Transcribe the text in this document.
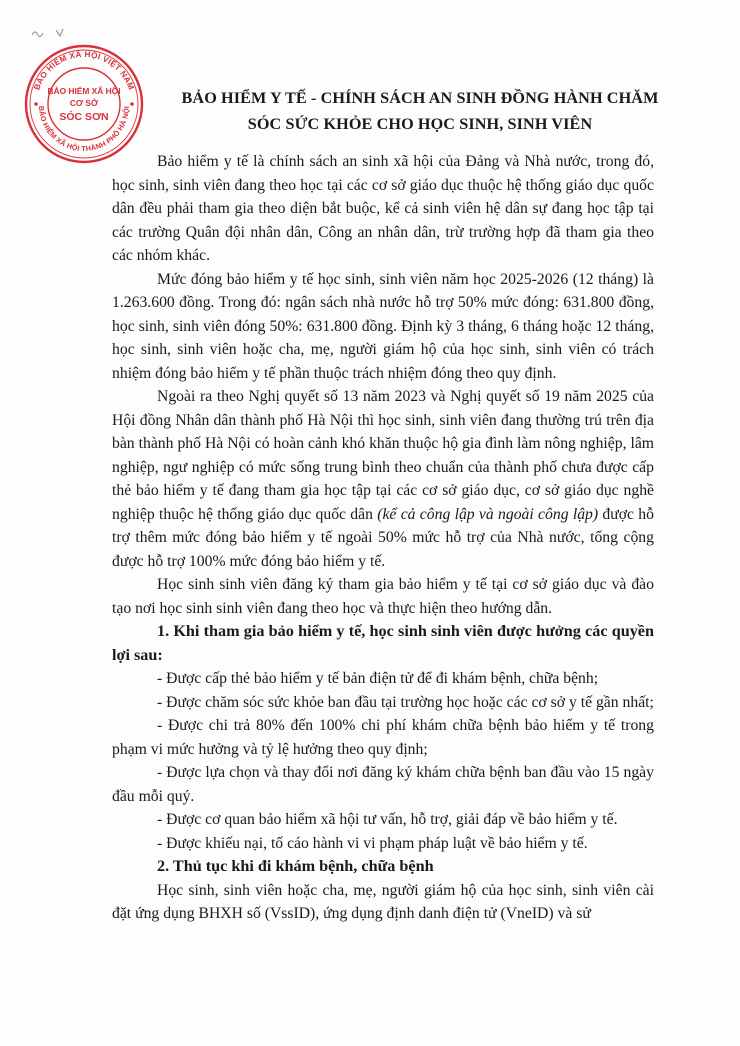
BẢO HIỂM XÃ HỘI VIỆT NAM
BẢO HIỂM XÃ HỘI THÀNH PHỐ HÀ NỘI
BẢO HIỂM XÃ HỘI
CƠ SỞ
SÓC SƠN
BẢO HIỂM Y TẾ - CHÍNH SÁCH AN SINH ĐỒNG HÀNH CHĂM
SÓC SỨC KHỎE CHO HỌC SINH, SINH VIÊN

Bảo hiểm y tế là chính sách an sinh xã hội của Đảng và Nhà nước, trong đó, học sinh, sinh viên đang theo học tại các cơ sở giáo dục thuộc hệ thống giáo dục quốc dân đều phải tham gia theo diện bắt buộc, kể cả sinh viên hệ dân sự đang học tập tại các trường Quân đội nhân dân, Công an nhân dân, trừ trường hợp đã tham gia theo các nhóm khác.

Mức đóng bảo hiểm y tế học sinh, sinh viên năm học 2025-2026 (12 tháng) là 1.263.600 đồng. Trong đó: ngân sách nhà nước hỗ trợ 50% mức đóng: 631.800 đồng, học sinh, sinh viên đóng 50%: 631.800 đồng. Định kỳ 3 tháng, 6 tháng hoặc 12 tháng, học sinh, sinh viên hoặc cha, mẹ, người giám hộ của học sinh, sinh viên có trách nhiệm đóng bảo hiểm y tế phần thuộc trách nhiệm đóng theo quy định.

Ngoài ra theo Nghị quyết số 13 năm 2023 và Nghị quyết số 19 năm 2025 của Hội đồng Nhân dân thành phố Hà Nội thì học sinh, sinh viên đang thường trú trên địa bàn thành phố Hà Nội có hoàn cảnh khó khăn thuộc hộ gia đình làm nông nghiệp, lâm nghiệp, ngư nghiệp có mức sống trung bình theo chuẩn của thành phố chưa được cấp thẻ bảo hiểm y tế đang tham gia học tập tại các cơ sở giáo dục, cơ sở giáo dục nghề nghiệp thuộc hệ thống giáo dục quốc dân (kể cả công lập và ngoài công lập) được hỗ trợ thêm mức đóng bảo hiểm y tế ngoài 50% mức hỗ trợ của Nhà nước, tổng cộng được hỗ trợ 100% mức đóng bảo hiểm y tế.

Học sinh sinh viên đăng ký tham gia bảo hiểm y tế tại cơ sở giáo dục và đào tạo nơi học sinh sinh viên đang theo học và thực hiện theo hướng dẫn.

1. Khi tham gia bảo hiểm y tế, học sinh sinh viên được hưởng các quyền lợi sau:

- Được cấp thẻ bảo hiểm y tế bản điện tử để đi khám bệnh, chữa bệnh;

- Được chăm sóc sức khỏe ban đầu tại trường học hoặc các cơ sở y tế gần nhất;

- Được chi trả 80% đến 100% chi phí khám chữa bệnh bảo hiểm y tế trong phạm vi mức hưởng và tỷ lệ hưởng theo quy định;

- Được lựa chọn và thay đổi nơi đăng ký khám chữa bệnh ban đầu vào 15 ngày đầu mỗi quý.

- Được cơ quan bảo hiểm xã hội tư vấn, hỗ trợ, giải đáp về bảo hiểm y tế.

- Được khiếu nại, tố cáo hành vi vi phạm pháp luật về bảo hiểm y tế.

2. Thủ tục khi đi khám bệnh, chữa bệnh

Học sinh, sinh viên hoặc cha, mẹ, người giám hộ của học sinh, sinh viên cài đặt ứng dụng BHXH số (VssID), ứng dụng định danh điện tử (VneID) và sử
